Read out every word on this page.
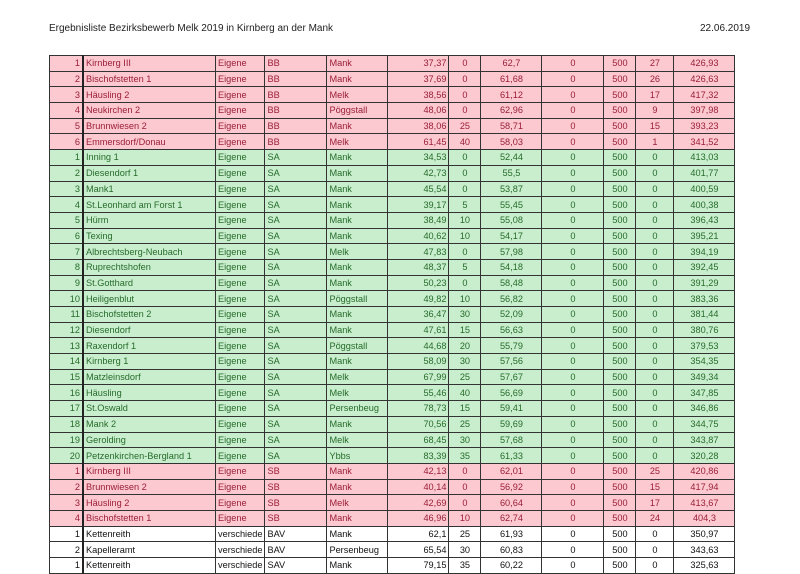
Ergebnisliste Bezirksbewerb Melk 2019 in Kirnberg an der Mank	22.06.2019
1	Kirnberg III	Eigene	BB	Mank	37,37	0	62,7	0	500	27	426,93
2	Bischofstetten 1	Eigene	BB	Mank	37,69	0	61,68	0	500	26	426,63
3	Häusling 2	Eigene	BB	Melk	38,56	0	61,12	0	500	17	417,32
4	Neukirchen 2	Eigene	BB	Pöggstall	48,06	0	62,96	0	500	9	397,98
5	Brunnwiesen 2	Eigene	BB	Mank	38,06	25	58,71	0	500	15	393,23
6	Emmersdorf/Donau	Eigene	BB	Melk	61,45	40	58,03	0	500	1	341,52
1	Inning 1	Eigene	SA	Mank	34,53	0	52,44	0	500	0	413,03
2	Diesendorf 1	Eigene	SA	Mank	42,73	0	55,5	0	500	0	401,77
3	Mank1	Eigene	SA	Mank	45,54	0	53,87	0	500	0	400,59
4	St.Leonhard am Forst 1	Eigene	SA	Mank	39,17	5	55,45	0	500	0	400,38
5	Hürm	Eigene	SA	Mank	38,49	10	55,08	0	500	0	396,43
6	Texing	Eigene	SA	Mank	40,62	10	54,17	0	500	0	395,21
7	Albrechtsberg-Neubach	Eigene	SA	Melk	47,83	0	57,98	0	500	0	394,19
8	Ruprechtshofen	Eigene	SA	Mank	48,37	5	54,18	0	500	0	392,45
9	St.Gotthard	Eigene	SA	Mank	50,23	0	58,48	0	500	0	391,29
10	Heiligenblut	Eigene	SA	Pöggstall	49,82	10	56,82	0	500	0	383,36
11	Bischofstetten 2	Eigene	SA	Mank	36,47	30	52,09	0	500	0	381,44
12	Diesendorf	Eigene	SA	Mank	47,61	15	56,63	0	500	0	380,76
13	Raxendorf 1	Eigene	SA	Pöggstall	44,68	20	55,79	0	500	0	379,53
14	Kirnberg 1	Eigene	SA	Mank	58,09	30	57,56	0	500	0	354,35
15	Matzleinsdorf	Eigene	SA	Melk	67,99	25	57,67	0	500	0	349,34
16	Häusling	Eigene	SA	Melk	55,46	40	56,69	0	500	0	347,85
17	St.Oswald	Eigene	SA	Persenbeug	78,73	15	59,41	0	500	0	346,86
18	Mank 2	Eigene	SA	Mank	70,56	25	59,69	0	500	0	344,75
19	Gerolding	Eigene	SA	Melk	68,45	30	57,68	0	500	0	343,87
20	Petzenkirchen-Bergland 1	Eigene	SA	Ybbs	83,39	35	61,33	0	500	0	320,28
1	Kirnberg III	Eigene	SB	Mank	42,13	0	62,01	0	500	25	420,86
2	Brunnwiesen 2	Eigene	SB	Mank	40,14	0	56,92	0	500	15	417,94
3	Häusling 2	Eigene	SB	Melk	42,69	0	60,64	0	500	17	413,67
4	Bischofstetten 1	Eigene	SB	Mank	46,96	10	62,74	0	500	24	404,3
1	Kettenreith	verschiede	BAV	Mank	62,1	25	61,93	0	500	0	350,97
2	Kapelleramt	verschiede	BAV	Persenbeug	65,54	30	60,83	0	500	0	343,63
1	Kettenreith	verschiede	SAV	Mank	79,15	35	60,22	0	500	0	325,63
